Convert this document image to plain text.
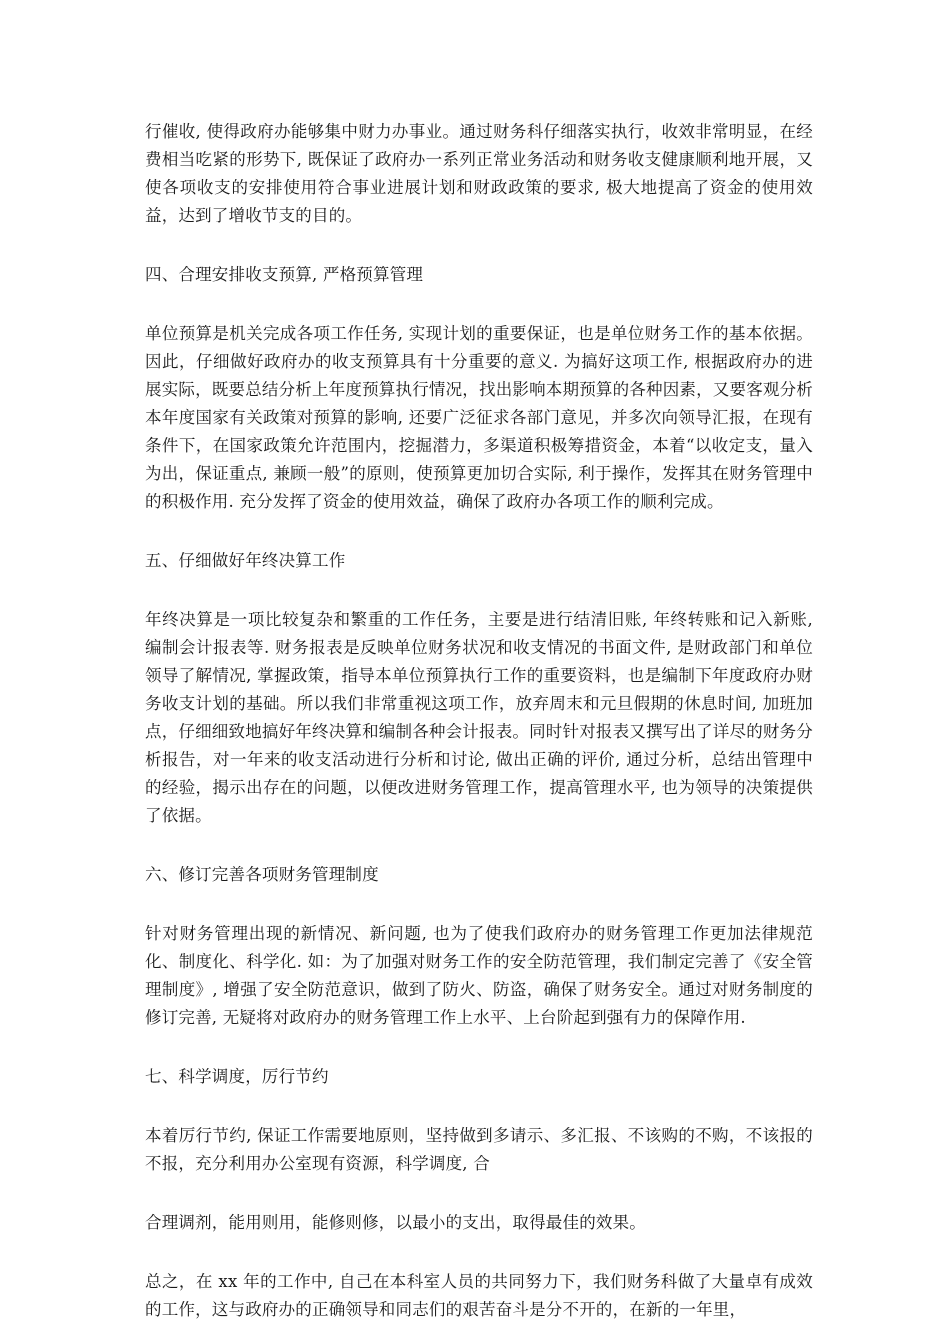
行催收, 使得政府办能够集中财力办事业。通过财务科仔细落实执行，收效非常明显，在经费相当吃紧的形势下, 既保证了政府办一系列正常业务活动和财务收支健康顺利地开展，又使各项收支的安排使用符合事业进展计划和财政政策的要求, 极大地提高了资金的使用效益，达到了增收节支的目的。

四、合理安排收支预算, 严格预算管理

单位预算是机关完成各项工作任务, 实现计划的重要保证，也是单位财务工作的基本依据。因此，仔细做好政府办的收支预算具有十分重要的意义. 为搞好这项工作, 根据政府办的进展实际，既要总结分析上年度预算执行情况，找出影响本期预算的各种因素，又要客观分析本年度国家有关政策对预算的影响, 还要广泛征求各部门意见，并多次向领导汇报，在现有条件下，在国家政策允许范围内，挖掘潜力，多渠道积极筹措资金，本着“以收定支，量入为出，保证重点, 兼顾一般”的原则，使预算更加切合实际, 利于操作，发挥其在财务管理中的积极作用. 充分发挥了资金的使用效益，确保了政府办各项工作的顺利完成。

五、仔细做好年终决算工作

年终决算是一项比较复杂和繁重的工作任务，主要是进行结清旧账, 年终转账和记入新账, 编制会计报表等. 财务报表是反映单位财务状况和收支情况的书面文件, 是财政部门和单位领导了解情况, 掌握政策，指导本单位预算执行工作的重要资料，也是编制下年度政府办财务收支计划的基础。所以我们非常重视这项工作，放弃周末和元旦假期的休息时间, 加班加点，仔细细致地搞好年终决算和编制各种会计报表。同时针对报表又撰写出了详尽的财务分析报告，对一年来的收支活动进行分析和讨论, 做出正确的评价, 通过分析，总结出管理中的经验，揭示出存在的问题，以便改进财务管理工作，提高管理水平, 也为领导的决策提供了依据。

六、修订完善各项财务管理制度

针对财务管理出现的新情况、新问题, 也为了使我们政府办的财务管理工作更加法律规范化、制度化、科学化. 如：为了加强对财务工作的安全防范管理，我们制定完善了《安全管理制度》, 增强了安全防范意识，做到了防火、防盗，确保了财务安全。通过对财务制度的修订完善, 无疑将对政府办的财务管理工作上水平、上台阶起到强有力的保障作用.

七、科学调度，厉行节约

本着厉行节约, 保证工作需要地原则，坚持做到多请示、多汇报、不该购的不购，不该报的不报，充分利用办公室现有资源，科学调度, 合

合理调剂，能用则用，能修则修，以最小的支出，取得最佳的效果。

总之，在 xx 年的工作中, 自己在本科室人员的共同努力下，我们财务科做了大量卓有成效的工作，这与政府办的正确领导和同志们的艰苦奋斗是分不开的，在新的一年里，
